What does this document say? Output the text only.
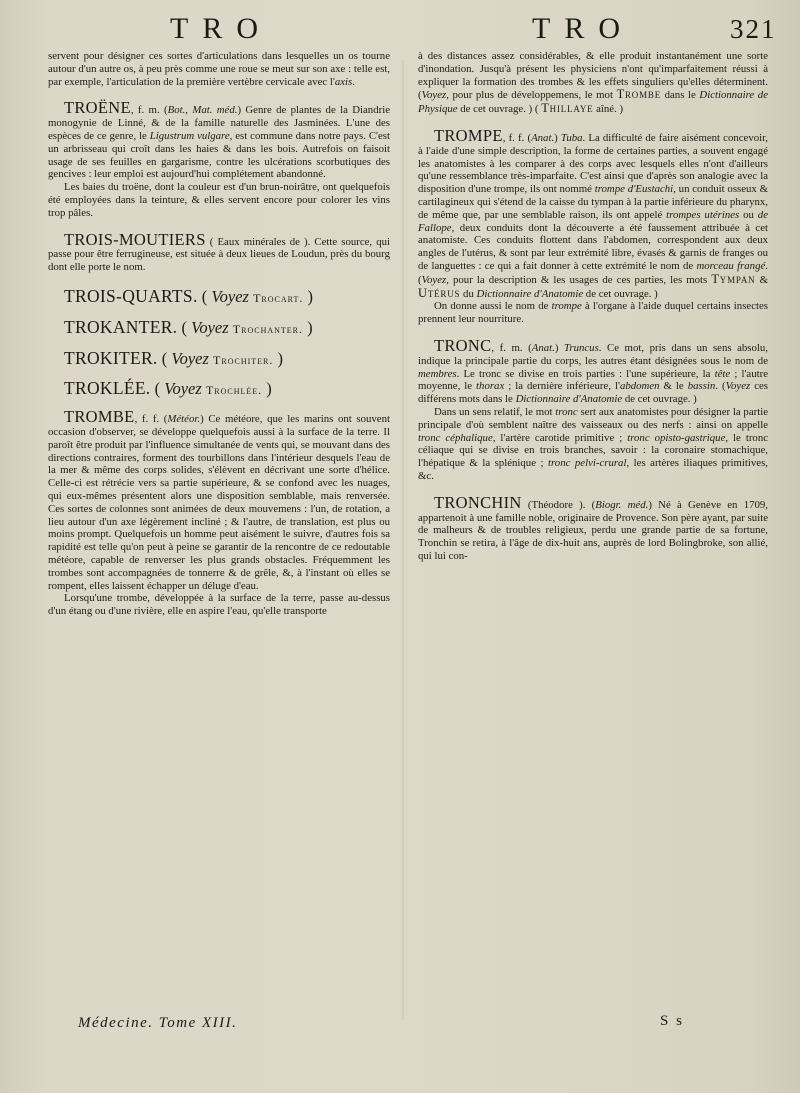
TRO	TRO	321

servent pour désigner ces sortes d'articulations dans lesquelles un os tourne autour d'un autre os, à peu près comme une roue se meut sur son axe : telle est, par exemple, l'articulation de la première vertèbre cervicale avec l'axis.

TROËNE, f. m. (Bot., Mat. méd.) Genre de plantes de la Diandrie monogynie de Linné, & de la famille naturelle des Jasminées. L'une des espèces de ce genre, le Ligustrum vulgare, est commune dans notre pays. C'est un arbrisseau qui croît dans les haies & dans les bois. Autrefois on faisoit usage de ses feuilles en gargarisme, contre les ulcérations scorbutiques des gencives : leur emploi est aujourd'hui complétement abandonné.

Les baies du troëne, dont la couleur est d'un brun-noirâtre, ont quelquefois été employées dans la teinture, & elles servent encore pour colorer les vins trop pâles.

TROIS-MOUTIERS ( Eaux minérales de ). Cette source, qui passe pour être ferrugineuse, est située à deux lieues de Loudun, près du bourg dont elle porte le nom.

TROIS-QUARTS. ( Voyez Trocart. )

TROKANTER. ( Voyez Trochanter. )

TROKITER. ( Voyez Trochiter. )

TROKLÉE. ( Voyez Trochlée. )

TROMBE, f. f. (Météor.) Ce météore, que les marins ont souvent occasion d'observer, se développe quelquefois aussi à la surface de la terre. Il paroît être produit par l'influence simultanée de vents qui, se mouvant dans des directions contraires, forment des tourbillons dans l'intérieur desquels l'eau de la mer & même des corps solides, s'élèvent en décrivant une sorte d'hélice. Celle-ci est rétrécie vers sa partie supérieure, & se confond avec les nuages, qui eux-mêmes présentent alors une disposition semblable, mais renversée. Ces sortes de colonnes sont animées de deux mouvemens : l'un, de rotation, a lieu autour d'un axe légèrement incliné ; & l'autre, de translation, est plus ou moins prompt. Quelquefois un homme peut aisément le suivre, d'autres fois sa rapidité est telle qu'on peut à peine se garantir de la rencontre de ce redoutable météore, capable de renverser les plus grands obstacles. Fréquemment les trombes sont accompagnées de tonnerre & de grêle, &, à l'instant où elles se rompent, elles laissent échapper un déluge d'eau.

Lorsqu'une trombe, développée à la surface de la terre, passe au-dessus d'un étang ou d'une rivière, elle en aspire l'eau, qu'elle transporte

à des distances assez considérables, & elle produit instantanément une sorte d'inondation. Jusqu'à présent les physiciens n'ont qu'imparfaitement réussi à expliquer la formation des trombes & les effets singuliers qu'elles déterminent. (Voyez, pour plus de développemens, le mot Trombe dans le Dictionnaire de Physique de cet ouvrage. ) ( Thillaye aîné. )

TROMPE, f. f. (Anat.) Tuba. La difficulté de faire aisément concevoir, à l'aide d'une simple description, la forme de certaines parties, a souvent engagé les anatomistes à les comparer à des corps avec lesquels elles n'ont d'ailleurs qu'une ressemblance très-imparfaite. C'est ainsi que d'après son analogie avec la disposition d'une trompe, ils ont nommé trompe d'Eustachi, un conduit osseux & cartilagineux qui s'étend de la caisse du tympan à la partie inférieure du pharynx, de même que, par une semblable raison, ils ont appelé trompes utérines ou de Fallope, deux conduits dont la découverte a été faussement attribuée à cet anatomiste. Ces conduits flottent dans l'abdomen, correspondent aux deux angles de l'utérus, & sont par leur extrémité libre, évasés & garnis de franges ou de languettes : ce qui a fait donner à cette extrémité le nom de morceau frangé. (Voyez, pour la description & les usages de ces parties, les mots Tympan & Utérus du Dictionnaire d'Anatomie de cet ouvrage. )

On donne aussi le nom de trompe à l'organe à l'aide duquel certains insectes prennent leur nourriture.

TRONC, f. m. (Anat.) Truncus. Ce mot, pris dans un sens absolu, indique la principale partie du corps, les autres étant désignées sous le nom de membres. Le tronc se divise en trois parties : l'une supérieure, la tête ; l'autre moyenne, le thorax ; la dernière inférieure, l'abdomen & le bassin. (Voyez ces différens mots dans le Dictionnaire d'Anatomie de cet ouvrage. )

Dans un sens relatif, le mot tronc sert aux anatomistes pour désigner la partie principale d'où semblent naître des vaisseaux ou des nerfs : ainsi on appelle tronc céphalique, l'artère carotide primitive ; tronc opisto-gastrique, le tronc céliaque qui se divise en trois branches, savoir : la coronaire stomachique, l'hépatique & la splénique ; tronc pelvi-crural, les artères iliaques primitives, &c.

TRONCHIN (Théodore ). (Biogr. méd.) Né à Genève en 1709, appartenoit à une famille noble, originaire de Provence. Son père ayant, par suite de malheurs & de troubles religieux, perdu une grande partie de sa fortune, Tronchin se retira, à l'âge de dix-huit ans, auprès de lord Bolingbroke, son allié, qui lui con-

Médecine. Tome XIII.	S s
